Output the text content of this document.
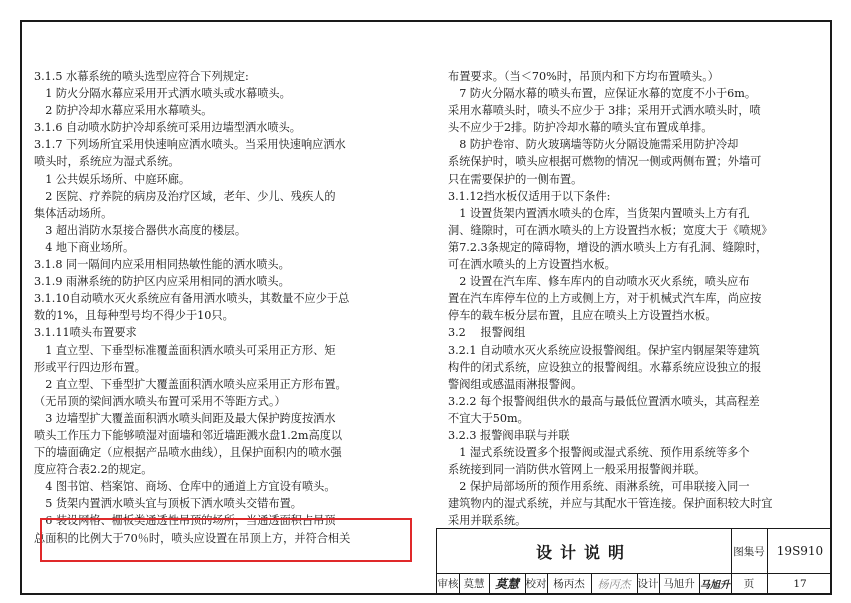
3.1.5 水幕系统的喷头选型应符合下列规定:
　1 防火分隔水幕应采用开式洒水喷头或水幕喷头。
　2 防护冷却水幕应采用水幕喷头。
3.1.6 自动喷水防护冷却系统可采用边墙型洒水喷头。
3.1.7 下列场所宜采用快速响应洒水喷头。当采用快速响应洒水
喷头时，系统应为湿式系统。
　1 公共娱乐场所、中庭环廊。
　2 医院、疗养院的病房及治疗区域，老年、少儿、残疾人的
集体活动场所。
　3 超出消防水泵接合器供水高度的楼层。
　4 地下商业场所。
3.1.8 同一隔间内应采用相同热敏性能的洒水喷头。
3.1.9 雨淋系统的防护区内应采用相同的洒水喷头。
3.1.10自动喷水灭火系统应有备用洒水喷头，其数量不应少于总
数的1%，且每种型号均不得少于10只。
3.1.11喷头布置要求
　1 直立型、下垂型标准覆盖面积洒水喷头可采用正方形、矩
形或平行四边形布置。
　2 直立型、下垂型扩大覆盖面积洒水喷头应采用正方形布置。
（无吊顶的梁间洒水喷头布置可采用不等距方式。）
　3 边墙型扩大覆盖面积洒水喷头间距及最大保护跨度按洒水
喷头工作压力下能够喷湿对面墙和邻近墙距溅水盘1.2m高度以
下的墙面确定（应根据产品喷水曲线），且保护面积内的喷水强
度应符合表2.2的规定。
　4 图书馆、档案馆、商场、仓库中的通道上方宜设有喷头。
　5 货架内置洒水喷头宜与顶板下洒水喷头交错布置。
　6 装设网格、栅板类通透性吊顶的场所，当通透面积占吊顶
总面积的比例大于70％时，喷头应设置在吊顶上方，并符合相关
布置要求。（当＜70%时，吊顶内和下方均布置喷头。）
　7 防火分隔水幕的喷头布置，应保证水幕的宽度不小于6m。
采用水幕喷头时，喷头不应少于 3排；采用开式洒水喷头时，喷
头不应少于2排。防护冷却水幕的喷头宜布置成单排。
　8 防护卷帘、防火玻璃墙等防火分隔设施需采用防护冷却
系统保护时，喷头应根据可燃物的情况一侧或两侧布置；外墙可
只在需要保护的一侧布置。
3.1.12挡水板仅适用于以下条件:
　1 设置货架内置洒水喷头的仓库，当货架内置喷头上方有孔
洞、缝隙时，可在洒水喷头的上方设置挡水板；宽度大于《喷规》
第7.2.3条规定的障碍物，增设的洒水喷头上方有孔洞、缝隙时，
可在洒水喷头的上方设置挡水板。
　2 设置在汽车库、修车库内的自动喷水灭火系统，喷头应布
置在汽车库停车位的上方或侧上方，对于机械式汽车库，尚应按
停车的载车板分层布置，且应在喷头上方设置挡水板。
3.2　 报警阀组
3.2.1 自动喷水灭火系统应设报警阀组。保护室内钢屋架等建筑
构件的闭式系统，应设独立的报警阀组。水幕系统应设独立的报
警阀组或感温雨淋报警阀。
3.2.2 每个报警阀组供水的最高与最低位置洒水喷头，其高程差
不宜大于50m。
3.2.3 报警阀串联与并联
　1 湿式系统设置多个报警阀或湿式系统、预作用系统等多个
系统接到同一消防供水管网上一般采用报警阀并联。
　2 保护局部场所的预作用系统、雨淋系统，可串联接入同一
建筑物内的湿式系统，并应与其配水干管连接。保护面积较大时宜
采用并联系统。
设计说明	图集号	19S910
审核 莫慧 莫慧 校对 杨丙杰	杨丙杰 设计 马旭升 马旭升	页	17
